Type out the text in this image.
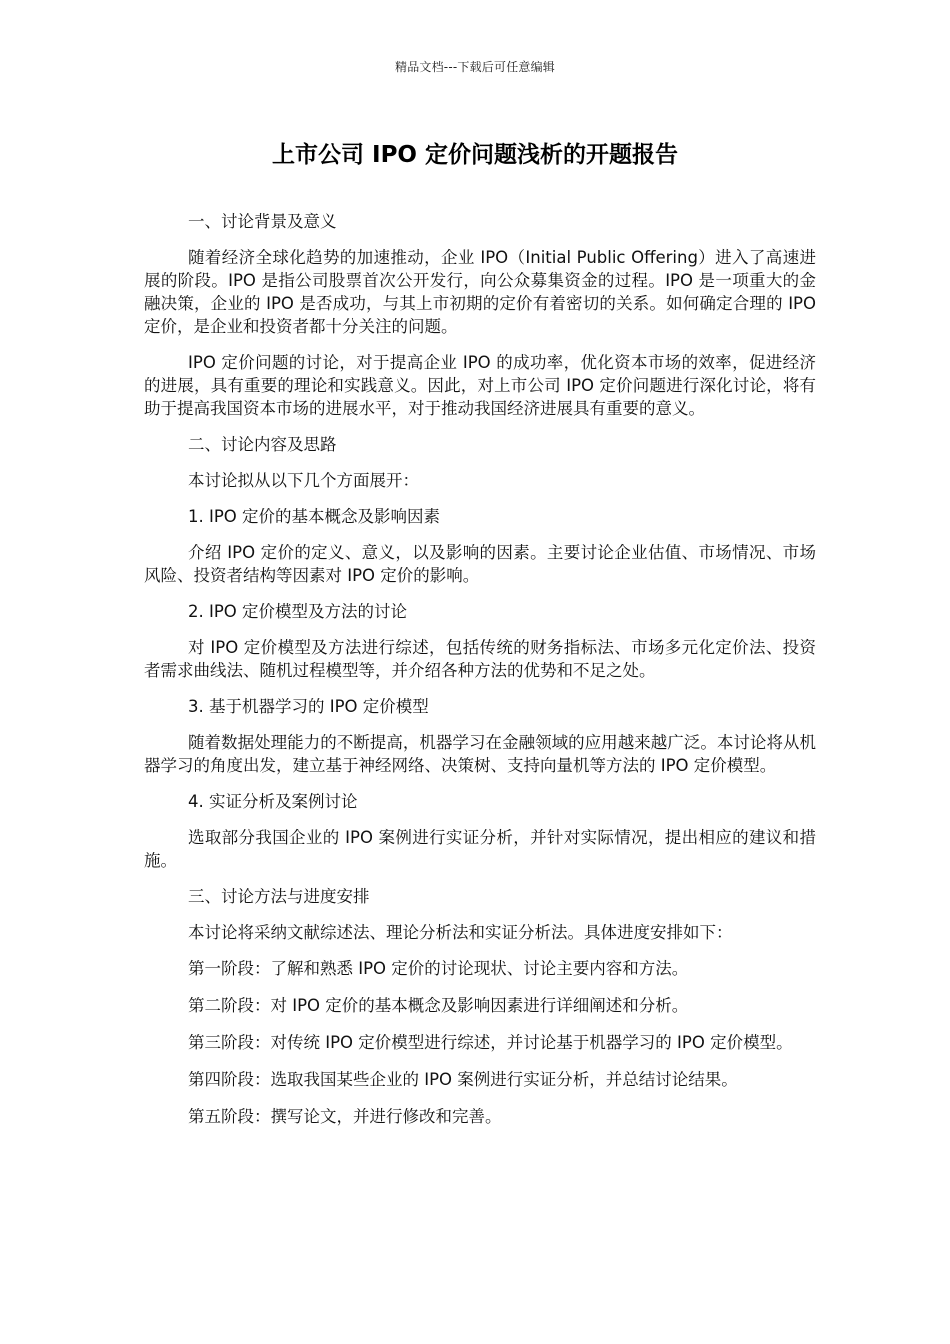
精品文档---下载后可任意编辑
上市公司 IPO 定价问题浅析的开题报告

一、讨论背景及意义

随着经济全球化趋势的加速推动，企业 IPO（Initial Public Offering）进入了高速进展的阶段。IPO 是指公司股票首次公开发行，向公众募集资金的过程。IPO 是一项重大的金融决策，企业的 IPO 是否成功，与其上市初期的定价有着密切的关系。如何确定合理的 IPO 定价，是企业和投资者都十分关注的问题。

IPO 定价问题的讨论，对于提高企业 IPO 的成功率，优化资本市场的效率，促进经济的进展，具有重要的理论和实践意义。因此，对上市公司 IPO 定价问题进行深化讨论，将有助于提高我国资本市场的进展水平，对于推动我国经济进展具有重要的意义。

二、讨论内容及思路

本讨论拟从以下几个方面展开：

1. IPO 定价的基本概念及影响因素

介绍 IPO 定价的定义、意义，以及影响的因素。主要讨论企业估值、市场情况、市场风险、投资者结构等因素对 IPO 定价的影响。

2. IPO 定价模型及方法的讨论

对 IPO 定价模型及方法进行综述，包括传统的财务指标法、市场多元化定价法、投资者需求曲线法、随机过程模型等，并介绍各种方法的优势和不足之处。

3. 基于机器学习的 IPO 定价模型

随着数据处理能力的不断提高，机器学习在金融领域的应用越来越广泛。本讨论将从机器学习的角度出发，建立基于神经网络、决策树、支持向量机等方法的 IPO 定价模型。

4. 实证分析及案例讨论

选取部分我国企业的 IPO 案例进行实证分析，并针对实际情况，提出相应的建议和措施。

三、讨论方法与进度安排

本讨论将采纳文献综述法、理论分析法和实证分析法。具体进度安排如下：

第一阶段：了解和熟悉 IPO 定价的讨论现状、讨论主要内容和方法。

第二阶段：对 IPO 定价的基本概念及影响因素进行详细阐述和分析。

第三阶段：对传统 IPO 定价模型进行综述，并讨论基于机器学习的 IPO 定价模型。

第四阶段：选取我国某些企业的 IPO 案例进行实证分析，并总结讨论结果。

第五阶段：撰写论文，并进行修改和完善。
